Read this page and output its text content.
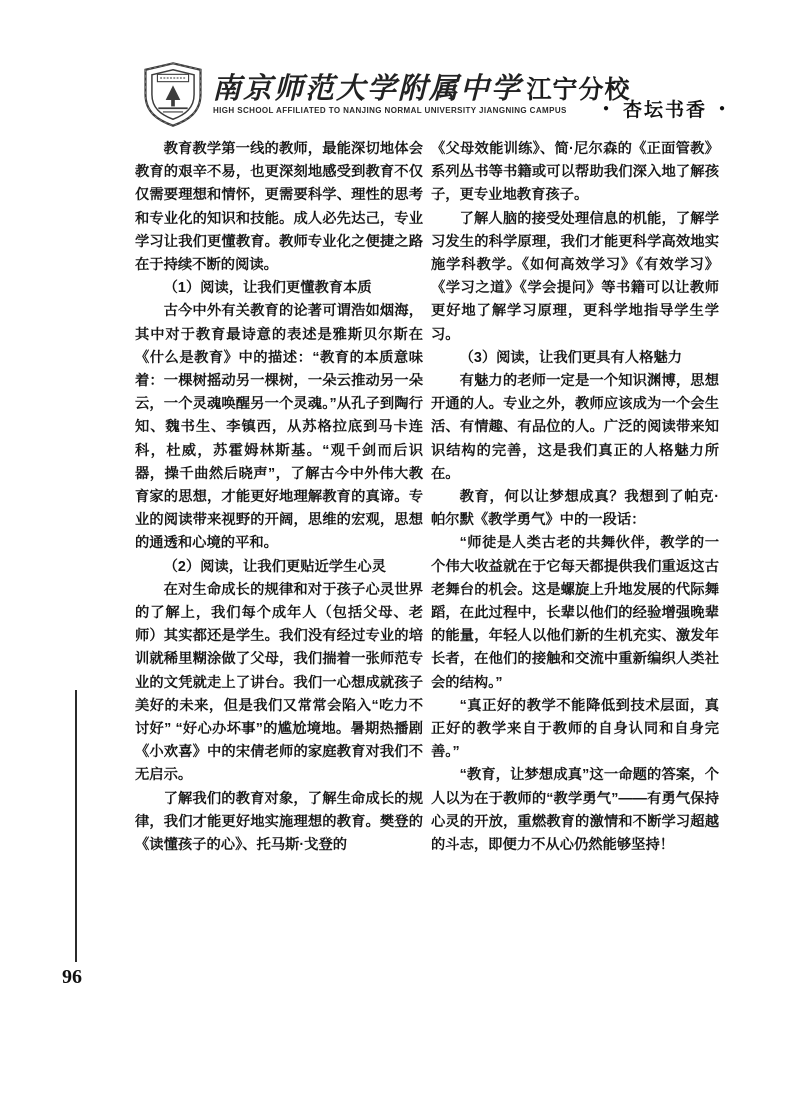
南京师范大学附属中学 江宁分校
HIGH SCHOOL AFFILIATED TO NANJING NORMAL UNIVERSITY JIANGNING CAMPUS	● 杏坛书香 ●

教育教学第一线的教师，最能深切地体会教育的艰辛不易，也更深刻地感受到教育不仅仅需要理想和情怀，更需要科学、理性的思考和专业化的知识和技能。成人必先达己，专业学习让我们更懂教育。教师专业化之便捷之路在于持续不断的阅读。

（1）阅读，让我们更懂教育本质

古今中外有关教育的论著可谓浩如烟海，其中对于教育最诗意的表述是雅斯贝尔斯在《什么是教育》中的描述：“教育的本质意味着：一棵树摇动另一棵树，一朵云推动另一朵云，一个灵魂唤醒另一个灵魂。”从孔子到陶行知、魏书生、李镇西，从苏格拉底到马卡连科，杜威，苏霍姆林斯基。“观千剑而后识器，操千曲然后晓声”，了解古今中外伟大教育家的思想，才能更好地理解教育的真谛。专业的阅读带来视野的开阔，思维的宏观，思想的通透和心境的平和。

（2）阅读，让我们更贴近学生心灵

在对生命成长的规律和对于孩子心灵世界的了解上，我们每个成年人（包括父母、老师）其实都还是学生。我们没有经过专业的培训就稀里糊涂做了父母，我们揣着一张师范专业的文凭就走上了讲台。我们一心想成就孩子美好的未来，但是我们又常常会陷入“吃力不讨好” “好心办坏事”的尴尬境地。暑期热播剧《小欢喜》中的宋倩老师的家庭教育对我们不无启示。

了解我们的教育对象，了解生命成长的规律，我们才能更好地实施理想的教育。樊登的《读懂孩子的心》、托马斯·戈登的

《父母效能训练》、简·尼尔森的《正面管教》系列丛书等书籍或可以帮助我们深入地了解孩子，更专业地教育孩子。

了解人脑的接受处理信息的机能，了解学习发生的科学原理，我们才能更科学高效地实施学科教学。《如何高效学习》《有效学习》《学习之道》《学会提问》等书籍可以让教师更好地了解学习原理，更科学地指导学生学习。

（3）阅读，让我们更具有人格魅力

有魅力的老师一定是一个知识渊博，思想开通的人。专业之外，教师应该成为一个会生活、有情趣、有品位的人。广泛的阅读带来知识结构的完善，这是我们真正的人格魅力所在。

教育，何以让梦想成真？我想到了帕克·帕尔默《教学勇气》中的一段话：

“师徒是人类古老的共舞伙伴，教学的一个伟大收益就在于它每天都提供我们重返这古老舞台的机会。这是螺旋上升地发展的代际舞蹈，在此过程中，长辈以他们的经验增强晚辈的能量，年轻人以他们新的生机充实、激发年长者，在他们的接触和交流中重新编织人类社会的结构。”

“真正好的教学不能降低到技术层面，真正好的教学来自于教师的自身认同和自身完善。”

“教育，让梦想成真”这一命题的答案，个人以为在于教师的“教学勇气”——有勇气保持心灵的开放，重燃教育的激情和不断学习超越的斗志，即便力不从心仍然能够坚持！

96
